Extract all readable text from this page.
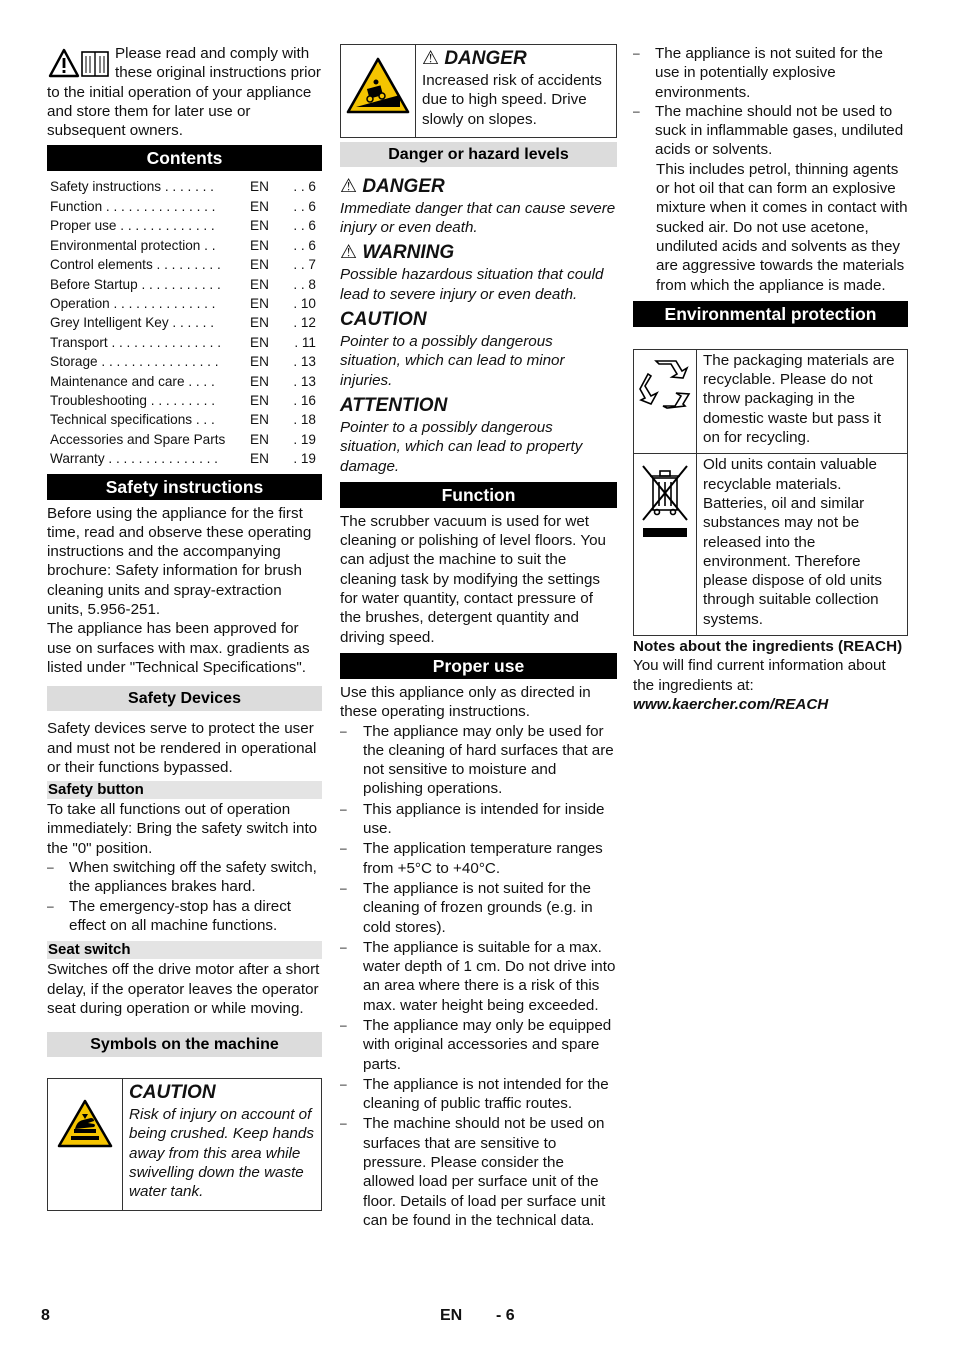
Please read and comply with these original instructions prior to the initial operation of your appliance and store them for later use or subsequent owners.

Contents
Safety instructions . . . . . . .	EN	. . 6
Function . . . . . . . . . . . . . . .	EN	. . 6
Proper use . . . . . . . . . . . . .	EN	. . 6
Environmental protection . .	EN	. . 6
Control elements . . . . . . . . .	EN	. . 7
Before Startup . . . . . . . . . . .	EN	. . 8
Operation . . . . . . . . . . . . . .	EN	. 10
Grey Intelligent Key . . . . . .	EN	. 12
Transport . . . . . . . . . . . . . . .	EN	. 11
Storage . . . . . . . . . . . . . . . .	EN	. 13
Maintenance and care . . . .	EN	. 13
Troubleshooting . . . . . . . . .	EN	. 16
Technical specifications . . .	EN	. 18
Accessories and Spare Parts	EN	. 19
Warranty . . . . . . . . . . . . . . .	EN	. 19
Safety instructions

Before using the appliance for the first time, read and observe these operating instructions and the accompanying brochure: Safety information for brush cleaning units and spray-extraction units, 5.956-251.

The appliance has been approved for use on surfaces with max. gradients as listed under "Technical Specifications".

Safety Devices

Safety devices serve to protect the user and must not be rendered in operational or their functions bypassed.

Safety button

To take all functions out of operation immediately: Bring the safety switch into the "0" position.

– When switching off the safety switch, the appliances brakes hard.
– The emergency-stop has a direct effect on all machine functions.
Seat switch

Switches off the drive motor after a short delay, if the operator leaves the operator seat during operation or while moving.

Symbols on the machine
CAUTION

Risk of injury on account of being crushed. Keep hands away from this area while swivelling down the waste water tank.

⚠ DANGER

Increased risk of accidents due to high speed. Drive slowly on slopes.

Danger or hazard levels
⚠ DANGER

Immediate danger that can cause severe injury or even death.

⚠ WARNING

Possible hazardous situation that could lead to severe injury or even death.

CAUTION

Pointer to a possibly dangerous situation, which can lead to minor injuries.

ATTENTION

Pointer to a possibly dangerous situation, which can lead to property damage.

Function

The scrubber vacuum is used for wet cleaning or polishing of level floors. You can adjust the machine to suit the cleaning task by modifying the settings for water quantity, contact pressure of the brushes, detergent quantity and driving speed.

Proper use

Use this appliance only as directed in these operating instructions.

– The appliance may only be used for the cleaning of hard surfaces that are not sensitive to moisture and polishing operations.
– This appliance is intended for inside use.
– The application temperature ranges from +5°C to +40°C.
– The appliance is not suited for the cleaning of frozen grounds (e.g. in cold stores).
– The appliance is suitable for a max. water depth of 1 cm. Do not drive into an area where there is a risk of this max. water height being exceeded.
– The appliance may only be equipped with original accessories and spare parts.
– The appliance is not intended for the cleaning of public traffic routes.
– The machine should not be used on surfaces that are sensitive to pressure. Please consider the allowed load per surface unit of the floor. Details of load per surface unit can be found in the technical data.
– The appliance is not suited for the use in potentially explosive environments.
– The machine should not be used to suck in inflammable gases, undiluted acids or solvents.

This includes petrol, thinning agents or hot oil that can form an explosive mixture when it comes in contact with sucked air. Do not use acetone, undiluted acids and solvents as they are aggressive towards the materials from which the appliance is made.

Environmental protection
The packaging materials are recyclable. Please do not throw packaging in the domestic waste but pass it on for recycling.
Old units contain valuable recyclable materials. Batteries, oil and similar substances may not be released into the environment. Therefore please dispose of old units through suitable collection systems.

Notes about the ingredients (REACH)

You will find current information about the ingredients at:

www.kaercher.com/REACH

8	EN - 6
